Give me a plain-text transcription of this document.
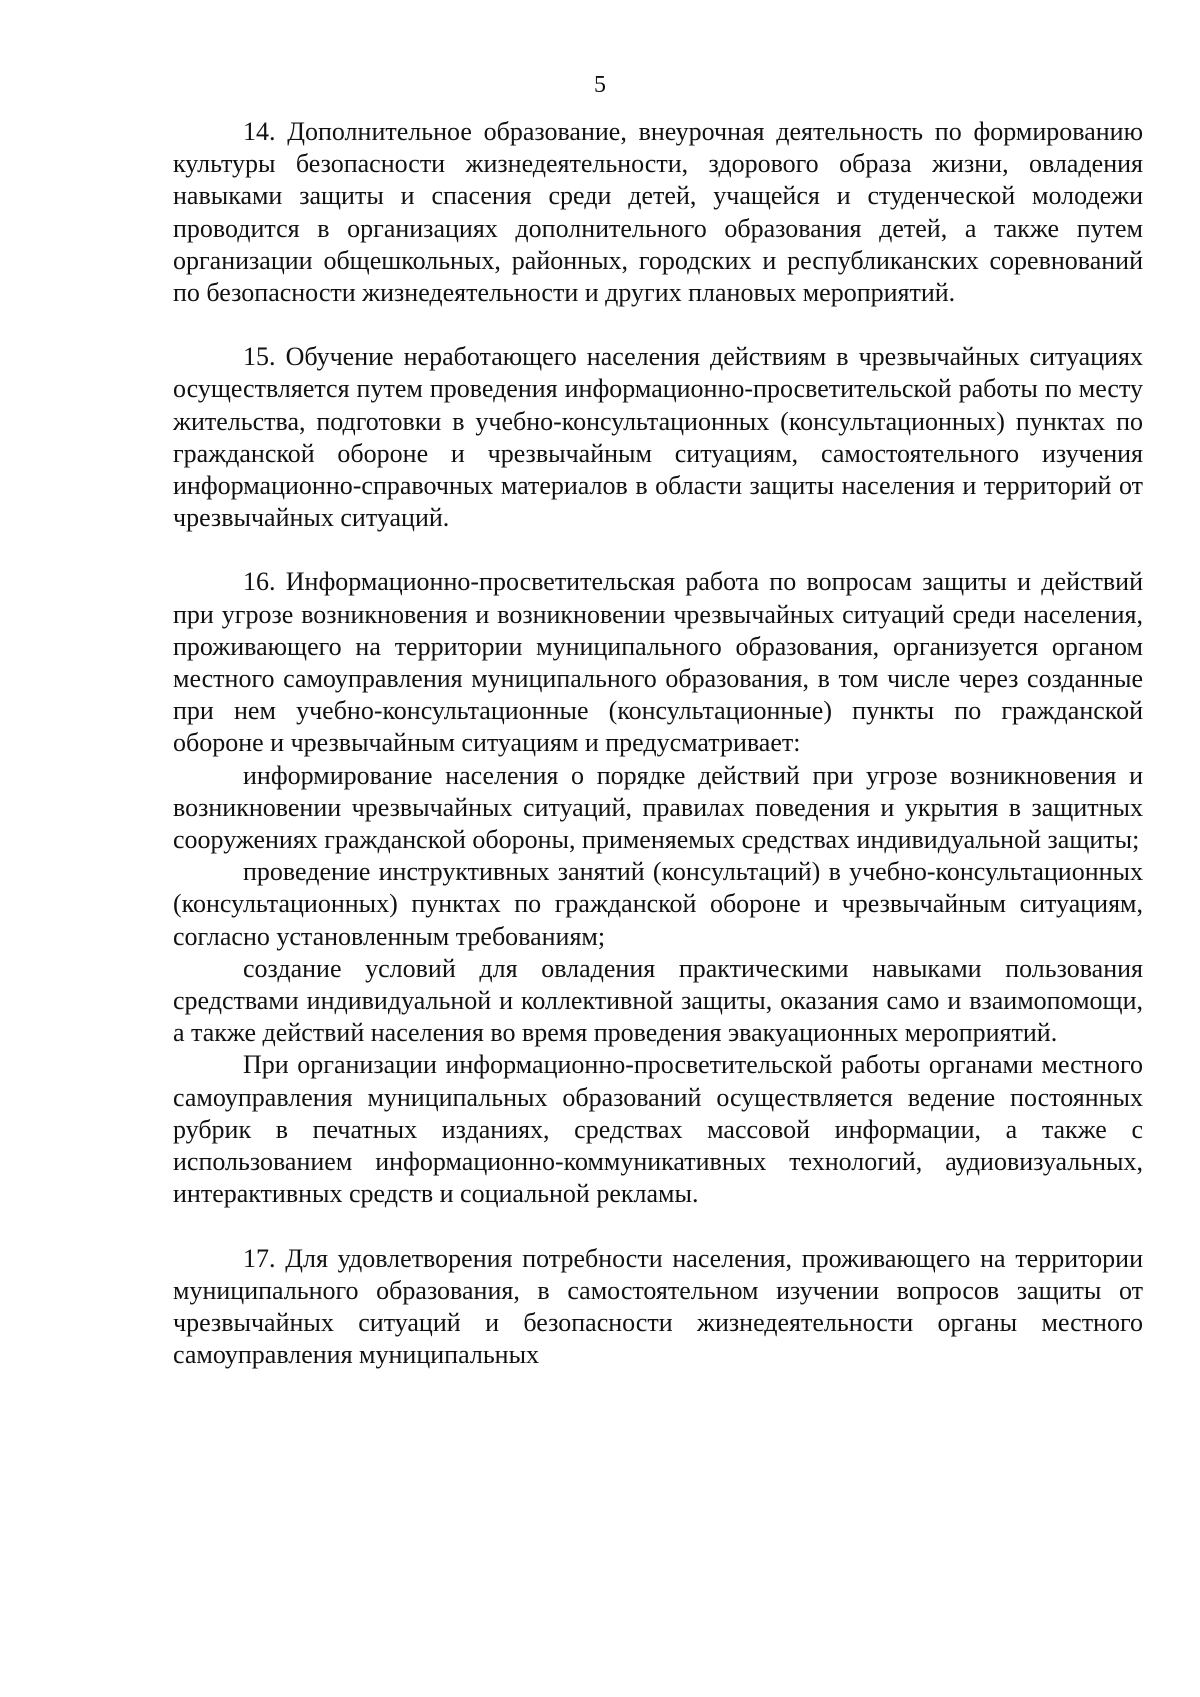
5

14. Дополнительное образование, внеурочная деятельность по формированию культуры безопасности жизнедеятельности, здорового образа жизни, овладения навыками защиты и спасения среди детей, учащейся и студенческой молодежи проводится в организациях дополнительного образования детей, а также путем организации общешкольных, районных, городских и республиканских соревнований по безопасности жизнедеятельности и других плановых мероприятий.

15. Обучение неработающего населения действиям в чрезвычайных ситуациях осуществляется путем проведения информационно-просветительской работы по месту жительства, подготовки в учебно-консультационных (консультационных) пунктах по гражданской обороне и чрезвычайным ситуациям, самостоятельного изучения информационно-справочных материалов в области защиты населения и территорий от чрезвычайных ситуаций.

16. Информационно-просветительская работа по вопросам защиты и действий при угрозе возникновения и возникновении чрезвычайных ситуаций среди населения, проживающего на территории муниципального образования, организуется органом местного самоуправления муниципального образования, в том числе через созданные при нем учебно-консультационные (консультационные) пункты по гражданской обороне и чрезвычайным ситуациям и предусматривает:

информирование населения о порядке действий при угрозе возникновения и возникновении чрезвычайных ситуаций, правилах поведения и укрытия в защитных сооружениях гражданской обороны, применяемых средствах индивидуальной защиты;

проведение инструктивных занятий (консультаций) в учебно-консультационных (консультационных) пунктах по гражданской обороне и чрезвычайным ситуациям, согласно установленным требованиям;

создание условий для овладения практическими навыками пользования средствами индивидуальной и коллективной защиты, оказания само и взаимопомощи, а также действий населения во время проведения эвакуационных мероприятий.

При организации информационно-просветительской работы органами местного самоуправления муниципальных образований осуществляется ведение постоянных рубрик в печатных изданиях, средствах массовой информации, а также с использованием информационно-коммуникативных технологий, аудиовизуальных, интерактивных средств и социальной рекламы.

17. Для удовлетворения потребности населения, проживающего на территории муниципального образования, в самостоятельном изучении вопросов защиты от чрезвычайных ситуаций и безопасности жизнедеятельности органы местного самоуправления муниципальных
